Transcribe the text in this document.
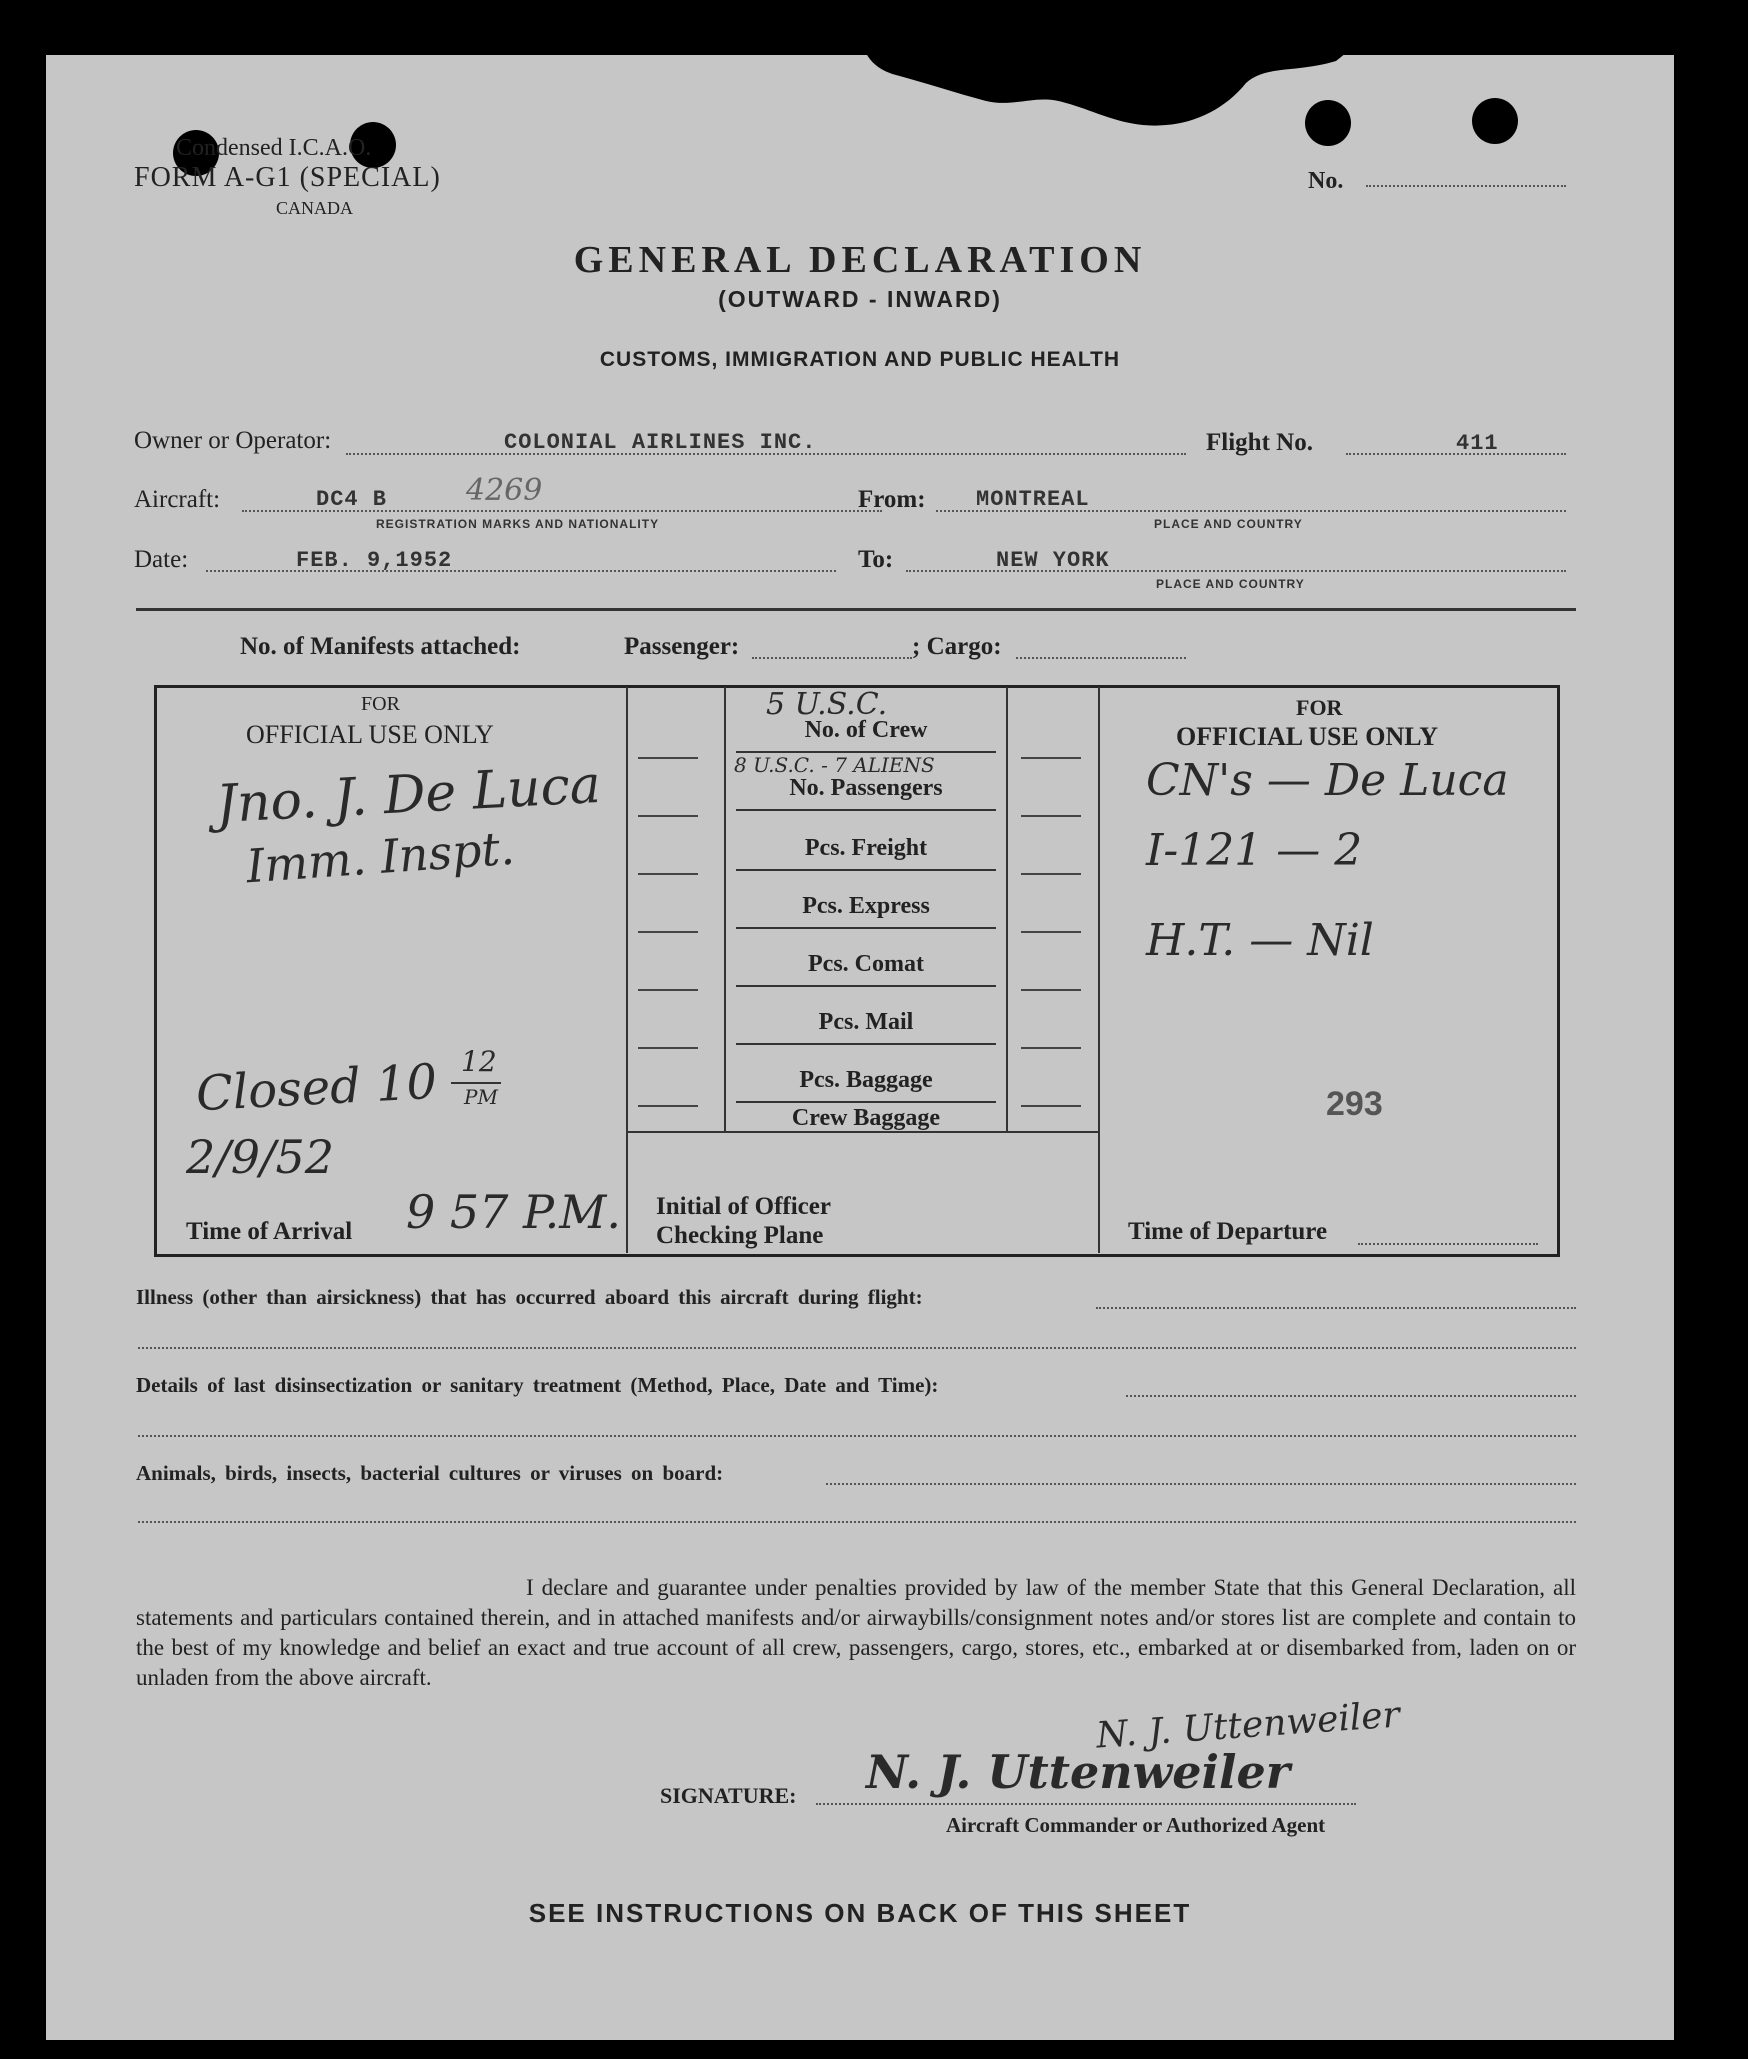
Condensed I.C.A.O.
FORM A-G1 (SPECIAL)
CANADA
No.
GENERAL DECLARATION
(OUTWARD - INWARD)
CUSTOMS, IMMIGRATION AND PUBLIC HEALTH
Owner or Operator:	COLONIAL AIRLINES INC.	Flight No.	411
Aircraft:	DC4 B	4269
REGISTRATION MARKS AND NATIONALITY
From: MONTREAL
PLACE AND COUNTRY
Date:	FEB. 9,1952	To:	NEW YORK
PLACE AND COUNTRY
No. of Manifests attached:	Passenger:	; Cargo:
FOR
OFFICIAL USE ONLY
Jno. J. De Luca
Imm. Inspt.
Closed 10 12
PM
2/9/52
Time of Arrival 9 57 P.M.
5 U.S.C.
No. of Crew
8 U.S.C. - 7 ALIENS
No. Passengers
Pcs. Freight
Pcs. Express
Pcs. Comat
Pcs. Mail
Pcs. Baggage
Crew Baggage
Initial of Officer
Checking Plane
FOR
OFFICIAL USE ONLY
CN's — De Luca
I-121 — 2
H.T. — Nil
293
Time of Departure
Illness (other than airsickness) that has occurred aboard this aircraft during flight:
Details of last disinsectization or sanitary treatment (Method, Place, Date and Time):
Animals, birds, insects, bacterial cultures or viruses on board:
I declare and guarantee under penalties provided by law of the member State that this General Declaration, all statements and particulars contained therein, and in attached manifests and/or airwaybills/consignment notes and/or stores list are complete and contain to the best of my knowledge and belief an exact and true account of all crew, passengers, cargo, stores, etc., embarked at or disembarked from, laden on or unladen from the above aircraft.
N. J. Uttenweiler
SIGNATURE: N. J. Uttenweiler
Aircraft Commander or Authorized Agent
SEE INSTRUCTIONS ON BACK OF THIS SHEET
